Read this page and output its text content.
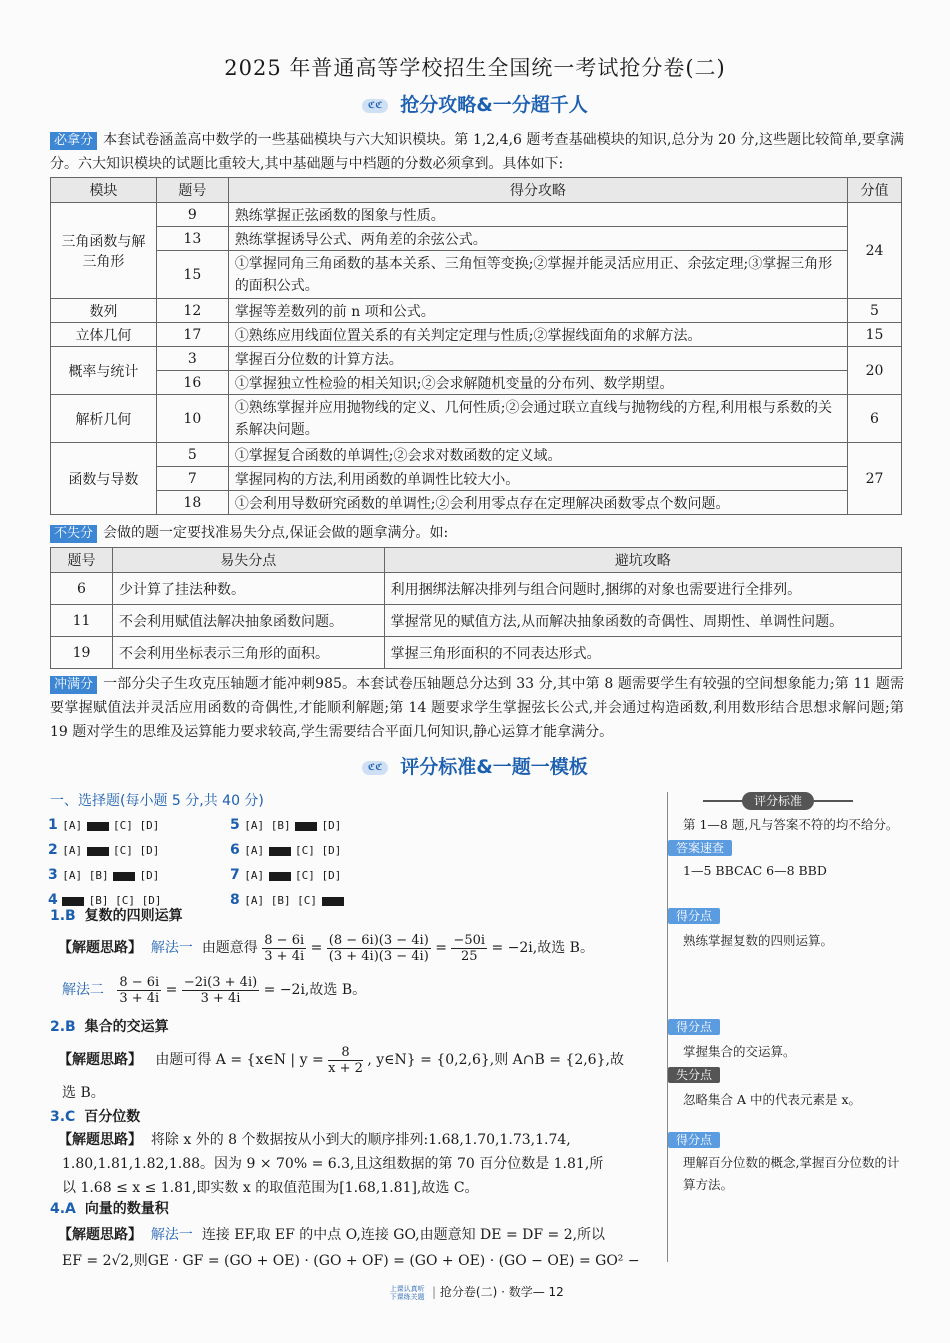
2025 年普通高等学校招生全国统一考试抢分卷(二)
ℭℭ 抢分攻略&一分超千人
必拿分 本套试卷涵盖高中数学的一些基础模块与六大知识模块。第 1,2,4,6 题考查基础模块的知识,总分为 20 分,这些题比较简单,要拿满分。六大知识模块的试题比重较大,其中基础题与中档题的分数必须拿到。具体如下:
模块	题号	得分攻略	分值
三角函数与解三角形	9	熟练掌握正弦函数的图象与性质。	24
	13	熟练掌握诱导公式、两角差的余弦公式。	
	15	①掌握同角三角函数的基本关系、三角恒等变换;②掌握并能灵活应用正、余弦定理;③掌握三角形的面积公式。	
数列	12	掌握等差数列的前 n 项和公式。	5
立体几何	17	①熟练应用线面位置关系的有关判定定理与性质;②掌握线面角的求解方法。	15
概率与统计	3	掌握百分位数的计算方法。	20
	16	①掌握独立性检验的相关知识;②会求解随机变量的分布列、数学期望。	
解析几何	10	①熟练掌握并应用抛物线的定义、几何性质;②会通过联立直线与抛物线的方程,利用根与系数的关系解决问题。	6
函数与导数	5	①掌握复合函数的单调性;②会求对数函数的定义域。	27
	7	掌握同构的方法,利用函数的单调性比较大小。	
	18	①会利用导数研究函数的单调性;②会利用零点存在定理解决函数零点个数问题。	
不失分 会做的题一定要找准易失分点,保证会做的题拿满分。如:
题号	易失分点	避坑攻略
6	少计算了挂法种数。	利用捆绑法解决排列与组合问题时,捆绑的对象也需要进行全排列。
11	不会利用赋值法解决抽象函数问题。	掌握常见的赋值方法,从而解决抽象函数的奇偶性、周期性、单调性问题。
19	不会利用坐标表示三角形的面积。	掌握三角形面积的不同表达形式。
冲满分 一部分尖子生攻克压轴题才能冲刺985。本套试卷压轴题总分达到 33 分,其中第 8 题需要学生有较强的空间想象能力;第 11 题需要掌握赋值法并灵活应用函数的奇偶性,才能顺利解题;第 14 题要求学生掌握弦长公式,并会通过构造函数,利用数形结合思想求解问题;第 19 题对学生的思维及运算能力要求较高,学生需要结合平面几何知识,静心运算才能拿满分。
ℭℭ 评分标准&一题一模板
一、选择题(每小题 5 分,共 40 分)
1 [A]	[C] [D]
2 [A]	[C] [D]
3 [A] [B]	[D]
4	[B] [C] [D]
5 [A] [B]	[D]
6 [A]	[C] [D]
7 [A]	[C] [D]
8 [A] [B] [C]
1.B 复数的四则运算
【解题思路】 解法一 由题意得 $\frac{8 - 6i}{3 + 4i} = \frac{(8 - 6i)(3 - 4i)}{(3 + 4i)(3 - 4i)} = \frac{-50i}{25} = -2i$,故选 B。
解法二 $\frac{8 - 6i}{3 + 4i} = \frac{-2i(3 + 4i)}{3 + 4i} = -2i$,故选 B。
2.B 集合的交运算
【解题思路】 由题可得 A = {x∈N | $y = \frac{8}{x + 2}$ , y∈N} = {0,2,6},则 A∩B = {2,6},故
选 B。
3.C 百分位数
【解题思路】 将除 x 外的 8 个数据按从小到大的顺序排列:1.68,1.70,1.73,1.74,
1.80,1.81,1.82,1.88。因为 9 × 70% = 6.3,且这组数据的第 70 百分位数是 1.81,所
以 1.68 ≤ x ≤ 1.81,即实数 x 的取值范围为[1.68,1.81],故选 C。
4.A 向量的数量积
【解题思路】 解法一 连接 EF,取 EF 的中点 O,连接 GO,由题意知 DE = DF = 2,所以
EF = 2√2,则GE · GF = (GO + OE) · (GO + OF) = (GO + OE) · (GO − OE) = GO² −
评分标准
第 1—8 题,凡与答案不符的均不给分。
答案速查
1—5 BBCAC 6—8 BBD
得分点
熟练掌握复数的四则运算。
得分点
掌握集合的交运算。
失分点
忽略集合 A 中的代表元素是 x。
得分点
理解百分位数的概念,掌握百分位数的计算方法。
上课认真听 下课练关题 | 抢分卷(二) · 数学— 12
